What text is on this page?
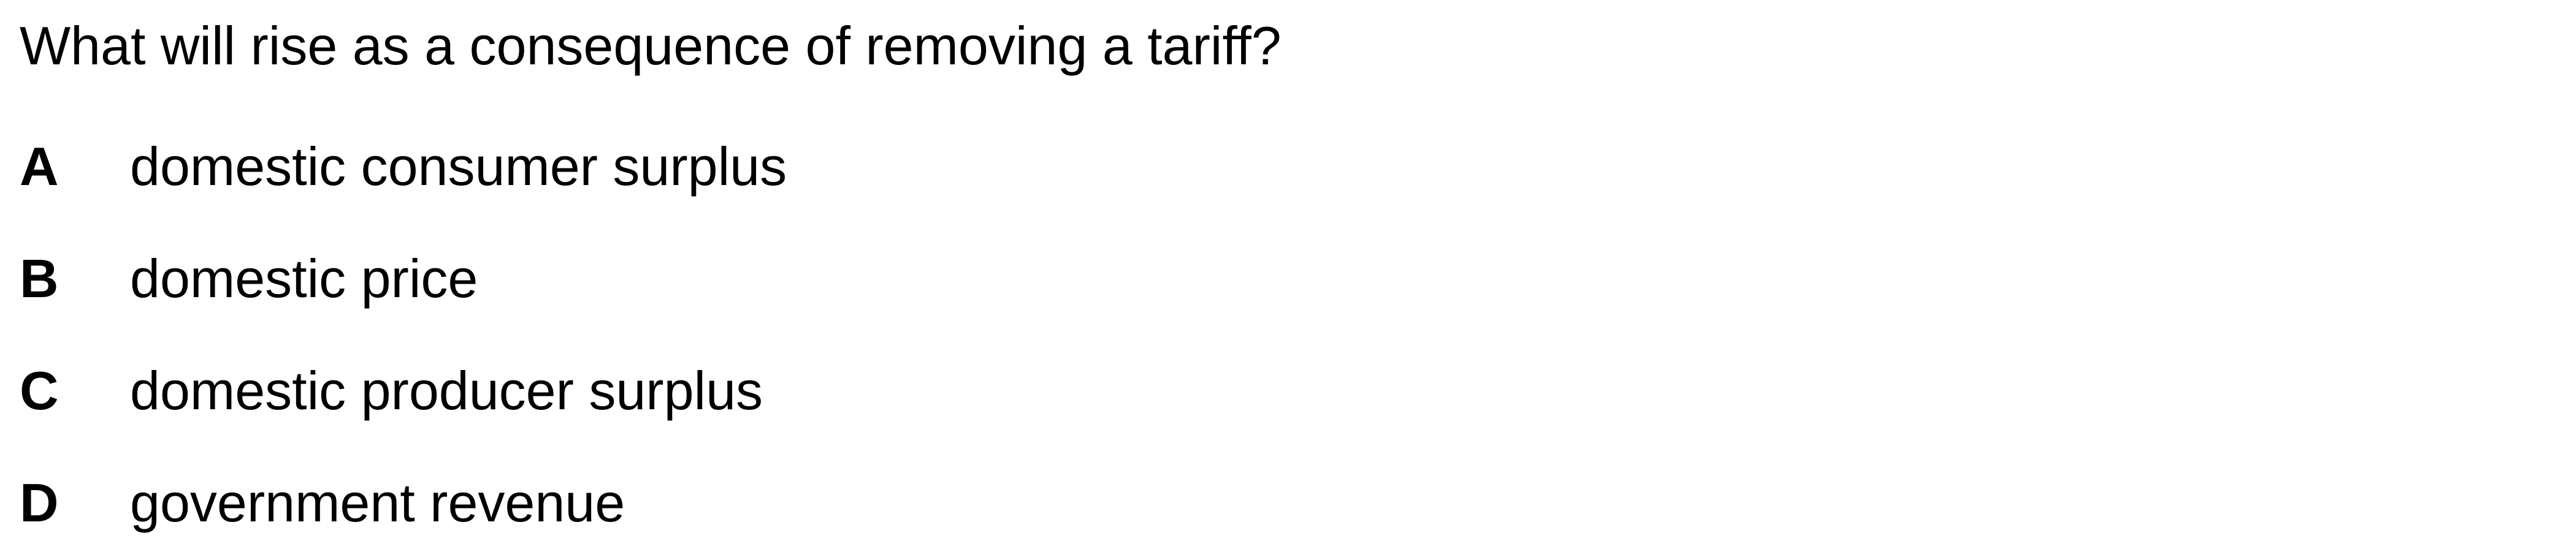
What will rise as a consequence of removing a tariff?
A domestic consumer surplus
B domestic price
C domestic producer surplus
D government revenue
